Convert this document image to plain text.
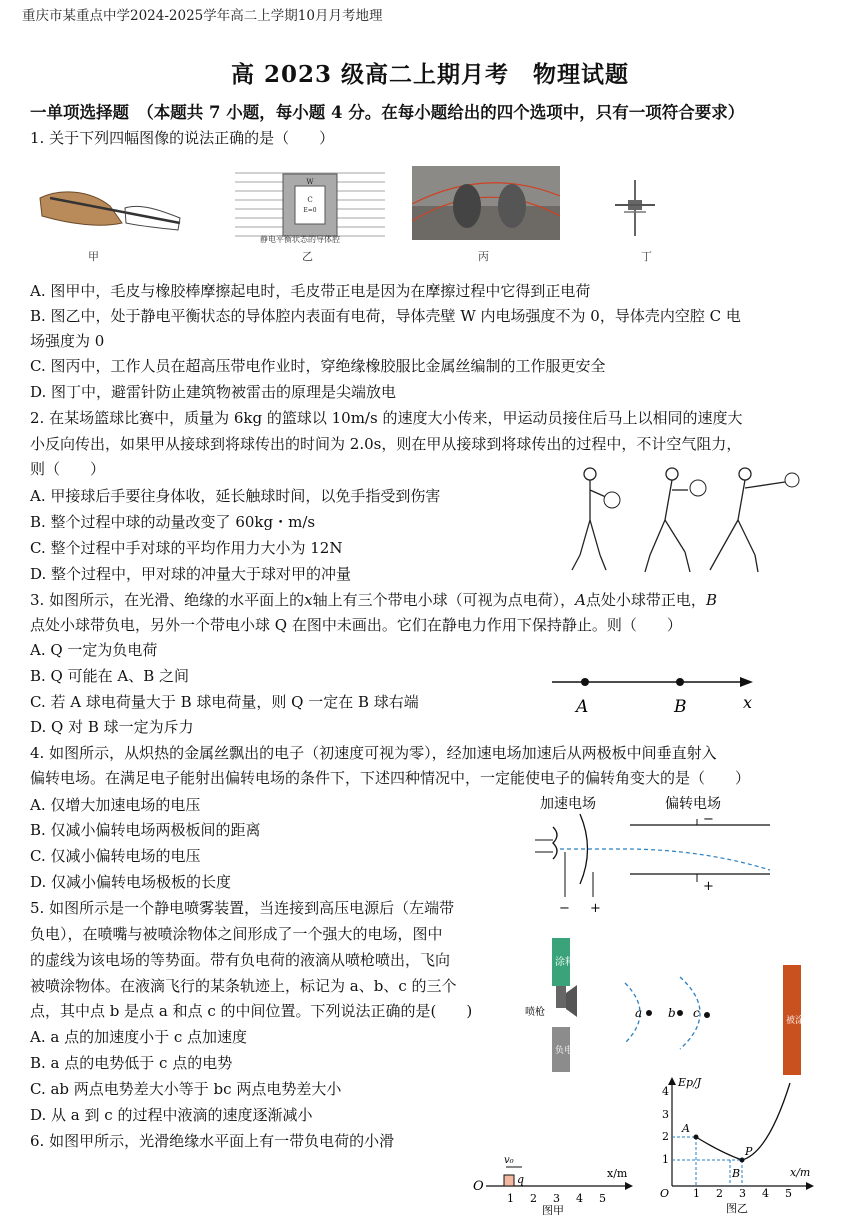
重庆市某重点中学2024-2025学年高二上学期10月月考地理
高 2023 级高二上期月考　物理试题
一单项选择题　（本题共 7 小题，每小题 4 分。在每小题给出的四个选项中，只有一项符合要求）
1. 关于下列四幅图像的说法正确的是（　　）
甲
W
C
E=0
静电平衡状态的导体腔
乙	丙	丁
A. 图甲中，毛皮与橡胶棒摩擦起电时，毛皮带正电是因为在摩擦过程中它得到正电荷
B. 图乙中，处于静电平衡状态的导体腔内表面有电荷，导体壳壁 W 内电场强度不为 0，导体壳内空腔 C 电
场强度为 0
C. 图丙中，工作人员在超高压带电作业时，穿绝缘橡胶服比金属丝编制的工作服更安全
D. 图丁中，避雷针防止建筑物被雷击的原理是尖端放电
2. 在某场篮球比赛中，质量为 6kg 的篮球以 10m/s 的速度大小传来，甲运动员接住后马上以相同的速度大
小反向传出，如果甲从接球到将球传出的时间为 2.0s，则在甲从接球到将球传出的过程中，不计空气阻力，
则（　　）
A. 甲接球后手要往身体收，延长触球时间，以免手指受到伤害
B. 整个过程中球的动量改变了 60kg・m/s
C. 整个过程中手对球的平均作用力大小为 12N
D. 整个过程中，甲对球的冲量大于球对甲的冲量
3. 如图所示，在光滑、绝缘的水平面上的x轴上有三个带电小球（可视为点电荷），A点处小球带正电，B
点处小球带负电，另外一个带电小球 Q 在图中未画出。它们在静电力作用下保持静止。则（　　）
A. Q 一定为负电荷
B. Q 可能在 A、B 之间
C. 若 A 球电荷量大于 B 球电荷量，则 Q 一定在 B 球右端
D. Q 对 B 球一定为斥力
A	B	x
4. 如图所示，从炽热的金属丝飘出的电子（初速度可视为零），经加速电场加速后从两极板中间垂直射入
偏转电场。在满足电子能射出偏转电场的条件下，下述四种情况中，一定能使电子的偏转角变大的是（　　）
A. 仅增大加速电场的电压
B. 仅减小偏转电场两极板间的距离
C. 仅减小偏转电场的电压
D. 仅减小偏转电场极板的长度
加速电场	偏转电场
−
+
− +
5. 如图所示是一个静电喷雾装置，当连接到高压电源后（左端带
负电），在喷嘴与被喷涂物体之间形成了一个强大的电场，图中
的虚线为该电场的等势面。带有负电荷的液滴从喷枪喷出，飞向
被喷涂物体。在液滴飞行的某条轨迹上，标记为 a、b、c 的三个
点，其中点 b 是点 a 和点 c 的中间位置。下列说法正确的是(　　)
A. a 点的加速度小于 c 点加速度
B. a 点的电势低于 c 点的电势
C. ab 两点电势差大小等于 bc 两点电势差大小
D. 从 a 到 c 的过程中液滴的速度逐渐减小
涂料
负电压
喷枪	a b c
被涂物
6. 如图甲所示，光滑绝缘水平面上有一带负电荷的小滑
O
v₀
q	x/m
1 2 3 4 5
图甲
Ep/J
x/m
O
1
2
3
4
1 2 3 4 5
A
P
B
图乙
